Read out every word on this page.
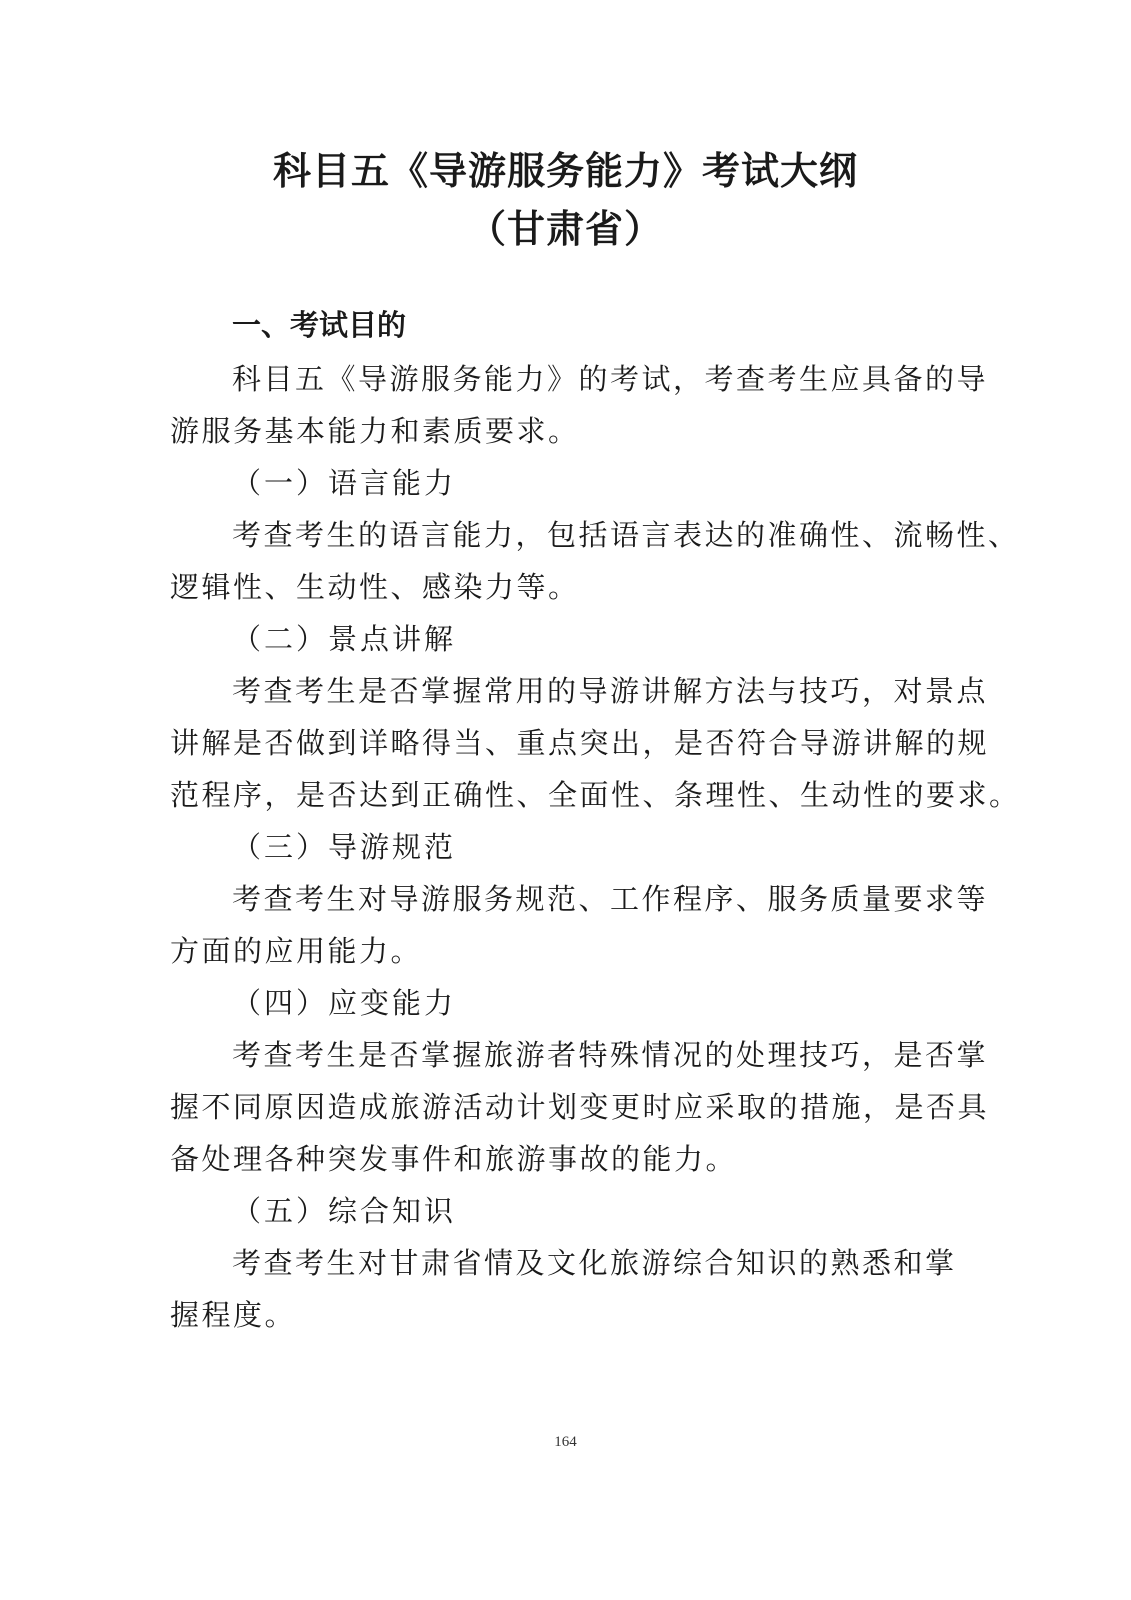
科目五《导游服务能力》考试大纲
（甘肃省）
一、考试目的
科目五《导游服务能力》的考试，考查考生应具备的导
游服务基本能力和素质要求。
（一）语言能力
考查考生的语言能力，包括语言表达的准确性、流畅性、
逻辑性、生动性、感染力等。
（二）景点讲解
考查考生是否掌握常用的导游讲解方法与技巧，对景点
讲解是否做到详略得当、重点突出，是否符合导游讲解的规
范程序，是否达到正确性、全面性、条理性、生动性的要求。
（三）导游规范
考查考生对导游服务规范、工作程序、服务质量要求等
方面的应用能力。
（四）应变能力
考查考生是否掌握旅游者特殊情况的处理技巧，是否掌
握不同原因造成旅游活动计划变更时应采取的措施，是否具
备处理各种突发事件和旅游事故的能力。
（五）综合知识
考查考生对甘肃省情及文化旅游综合知识的熟悉和掌
握程度。
164
